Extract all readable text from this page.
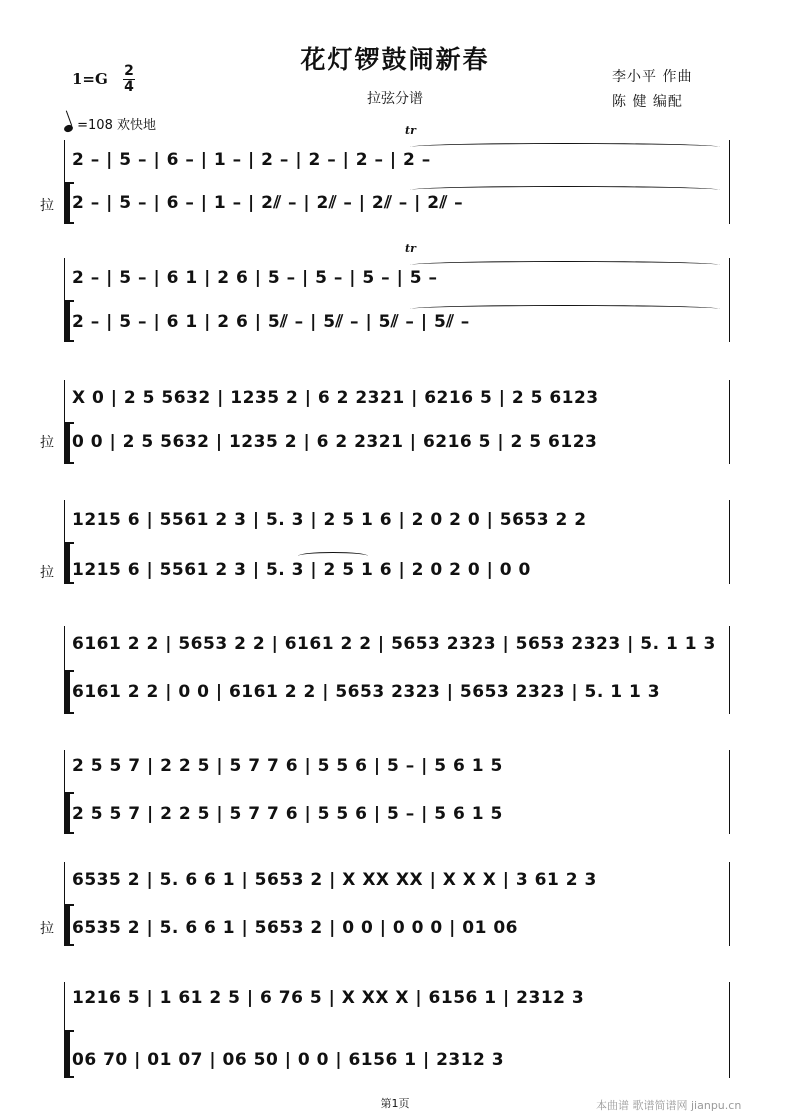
花灯锣鼓闹新春
拉弦分谱
李小平 作曲
陈 健 编配
1=G 2
4
=108 欢快地
拉
2 – | 5 – | 6 – | 1 – | 2 – | 2 – | 2 – | 2 –
2 – | 5 – | 6 – | 1 – | 2⫽ – | 2⫽ – | 2⫽ – | 2⫽ –
tr
2 – | 5 – | 6 1 | 2 6 | 5 – | 5 – | 5 – | 5 –
2 – | 5 – | 6 1 | 2 6 | 5⫽ – | 5⫽ – | 5⫽ – | 5⫽ –
tr
拉
X 0 | 2 5 5632 | 1235 2 | 6 2 2321 | 6216 5 | 2 5 6123
0 0 | 2 5 5632 | 1235 2 | 6 2 2321 | 6216 5 | 2 5 6123
拉
1215 6 | 5561 2 3 | 5. 3 | 2 5 1 6 | 2 0 2 0 | 5653 2 2
1215 6 | 5561 2 3 | 5. 3 | 2 5 1 6 | 2 0 2 0 | 0 0
6161 2 2 | 5653 2 2 | 6161 2 2 | 5653 2323 | 5653 2323 | 5. 1 1 3
6161 2 2 | 0 0 | 6161 2 2 | 5653 2323 | 5653 2323 | 5. 1 1 3
2 5 5 7 | 2 2 5 | 5 7 7 6 | 5 5 6 | 5 – | 5 6 1 5
2 5 5 7 | 2 2 5 | 5 7 7 6 | 5 5 6 | 5 – | 5 6 1 5
拉
6535 2 | 5. 6 6 1 | 5653 2 | X XX XX | X X X | 3 61 2 3
6535 2 | 5. 6 6 1 | 5653 2 | 0 0 | 0 0 0 | 01 06
1216 5 | 1 61 2 5 | 6 76 5 | X XX X | 6156 1 | 2312 3
06 70 | 01 07 | 06 50 | 0 0 | 6156 1 | 2312 3
第1页	本曲谱 歌谱简谱网 jianpu.cn
